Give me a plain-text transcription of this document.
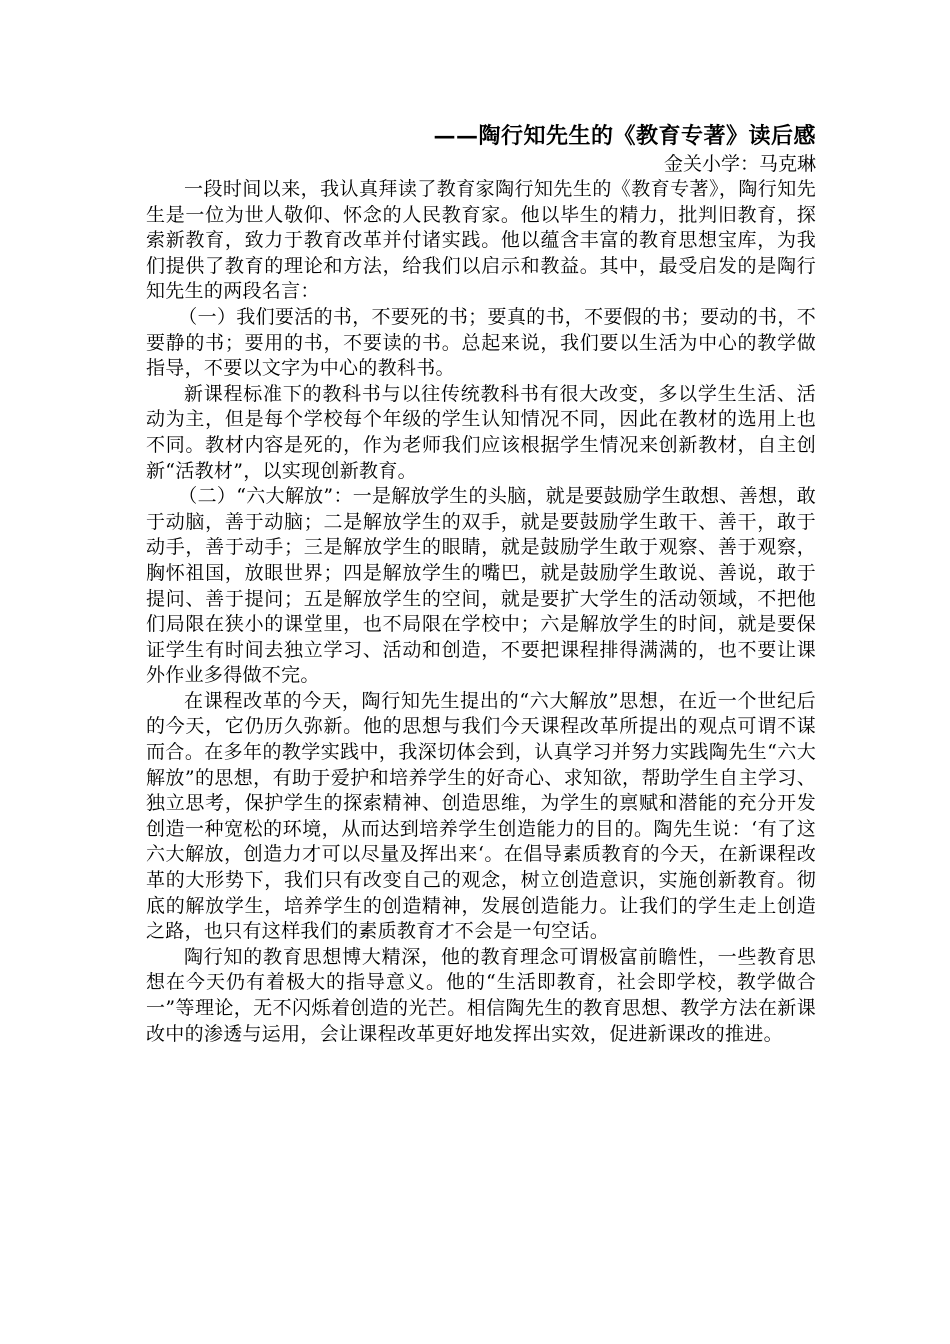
——陶行知先生的《教育专著》读后感

金关小学：马克琳

一段时间以来，我认真拜读了教育家陶行知先生的《教育专著》，陶行知先生是一位为世人敬仰、怀念的人民教育家。他以毕生的精力，批判旧教育，探索新教育，致力于教育改革并付诸实践。他以蕴含丰富的教育思想宝库，为我们提供了教育的理论和方法，给我们以启示和教益。其中，最受启发的是陶行知先生的两段名言：

（一）我们要活的书，不要死的书；要真的书，不要假的书；要动的书，不要静的书；要用的书，不要读的书。总起来说，我们要以生活为中心的教学做指导，不要以文字为中心的教科书。

新课程标准下的教科书与以往传统教科书有很大改变，多以学生生活、活动为主，但是每个学校每个年级的学生认知情况不同，因此在教材的选用上也不同。教材内容是死的，作为老师我们应该根据学生情况来创新教材，自主创新“活教材”，以实现创新教育。

（二）“六大解放”：一是解放学生的头脑，就是要鼓励学生敢想、善想，敢于动脑，善于动脑；二是解放学生的双手，就是要鼓励学生敢干、善干，敢于动手，善于动手；三是解放学生的眼睛，就是鼓励学生敢于观察、善于观察，胸怀祖国，放眼世界；四是解放学生的嘴巴，就是鼓励学生敢说、善说，敢于提问、善于提问；五是解放学生的空间，就是要扩大学生的活动领域，不把他们局限在狭小的课堂里，也不局限在学校中；六是解放学生的时间，就是要保证学生有时间去独立学习、活动和创造，不要把课程排得满满的，也不要让课外作业多得做不完。

在课程改革的今天，陶行知先生提出的“六大解放”思想，在近一个世纪后的今天，它仍历久弥新。他的思想与我们今天课程改革所提出的观点可谓不谋而合。在多年的教学实践中，我深切体会到，认真学习并努力实践陶先生“六大解放”的思想，有助于爱护和培养学生的好奇心、求知欲，帮助学生自主学习、独立思考，保护学生的探索精神、创造思维，为学生的禀赋和潜能的充分开发创造一种宽松的环境，从而达到培养学生创造能力的目的。陶先生说：‘有了这六大解放，创造力才可以尽量及挥出来‘。在倡导素质教育的今天，在新课程改革的大形势下，我们只有改变自己的观念，树立创造意识，实施创新教育。彻底的解放学生，培养学生的创造精神，发展创造能力。让我们的学生走上创造之路，也只有这样我们的素质教育才不会是一句空话。

陶行知的教育思想博大精深，他的教育理念可谓极富前瞻性，一些教育思想在今天仍有着极大的指导意义。他的“生活即教育，社会即学校，教学做合一”等理论，无不闪烁着创造的光芒。相信陶先生的教育思想、教学方法在新课改中的渗透与运用，会让课程改革更好地发挥出实效，促进新课改的推进。
